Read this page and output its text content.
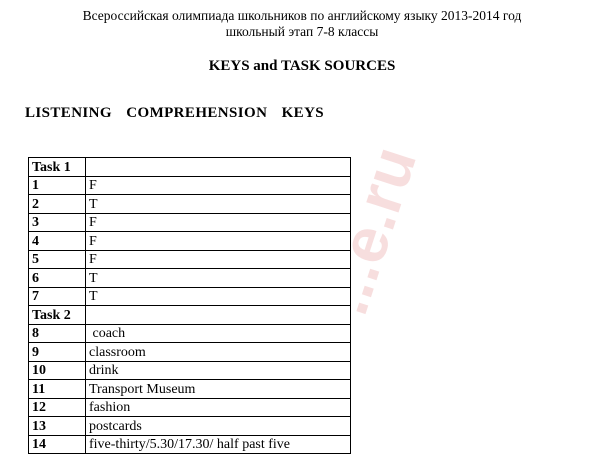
Всероссийская олимпиада школьников по английскому языку 2013-2014 год
школьный этап 7-8 классы
KEYS and TASK SOURCES
LISTENING  COMPREHENSION  KEYS
Task 1	
1	F
2	T
3	F
4	F
5	F
6	T
7	T
Task 2	
8	coach
9	classroom
10	drink
11	Transport Museum
12	fashion
13	postcards
14	five-thirty/5.30/17.30/ half past five
...e.ru
